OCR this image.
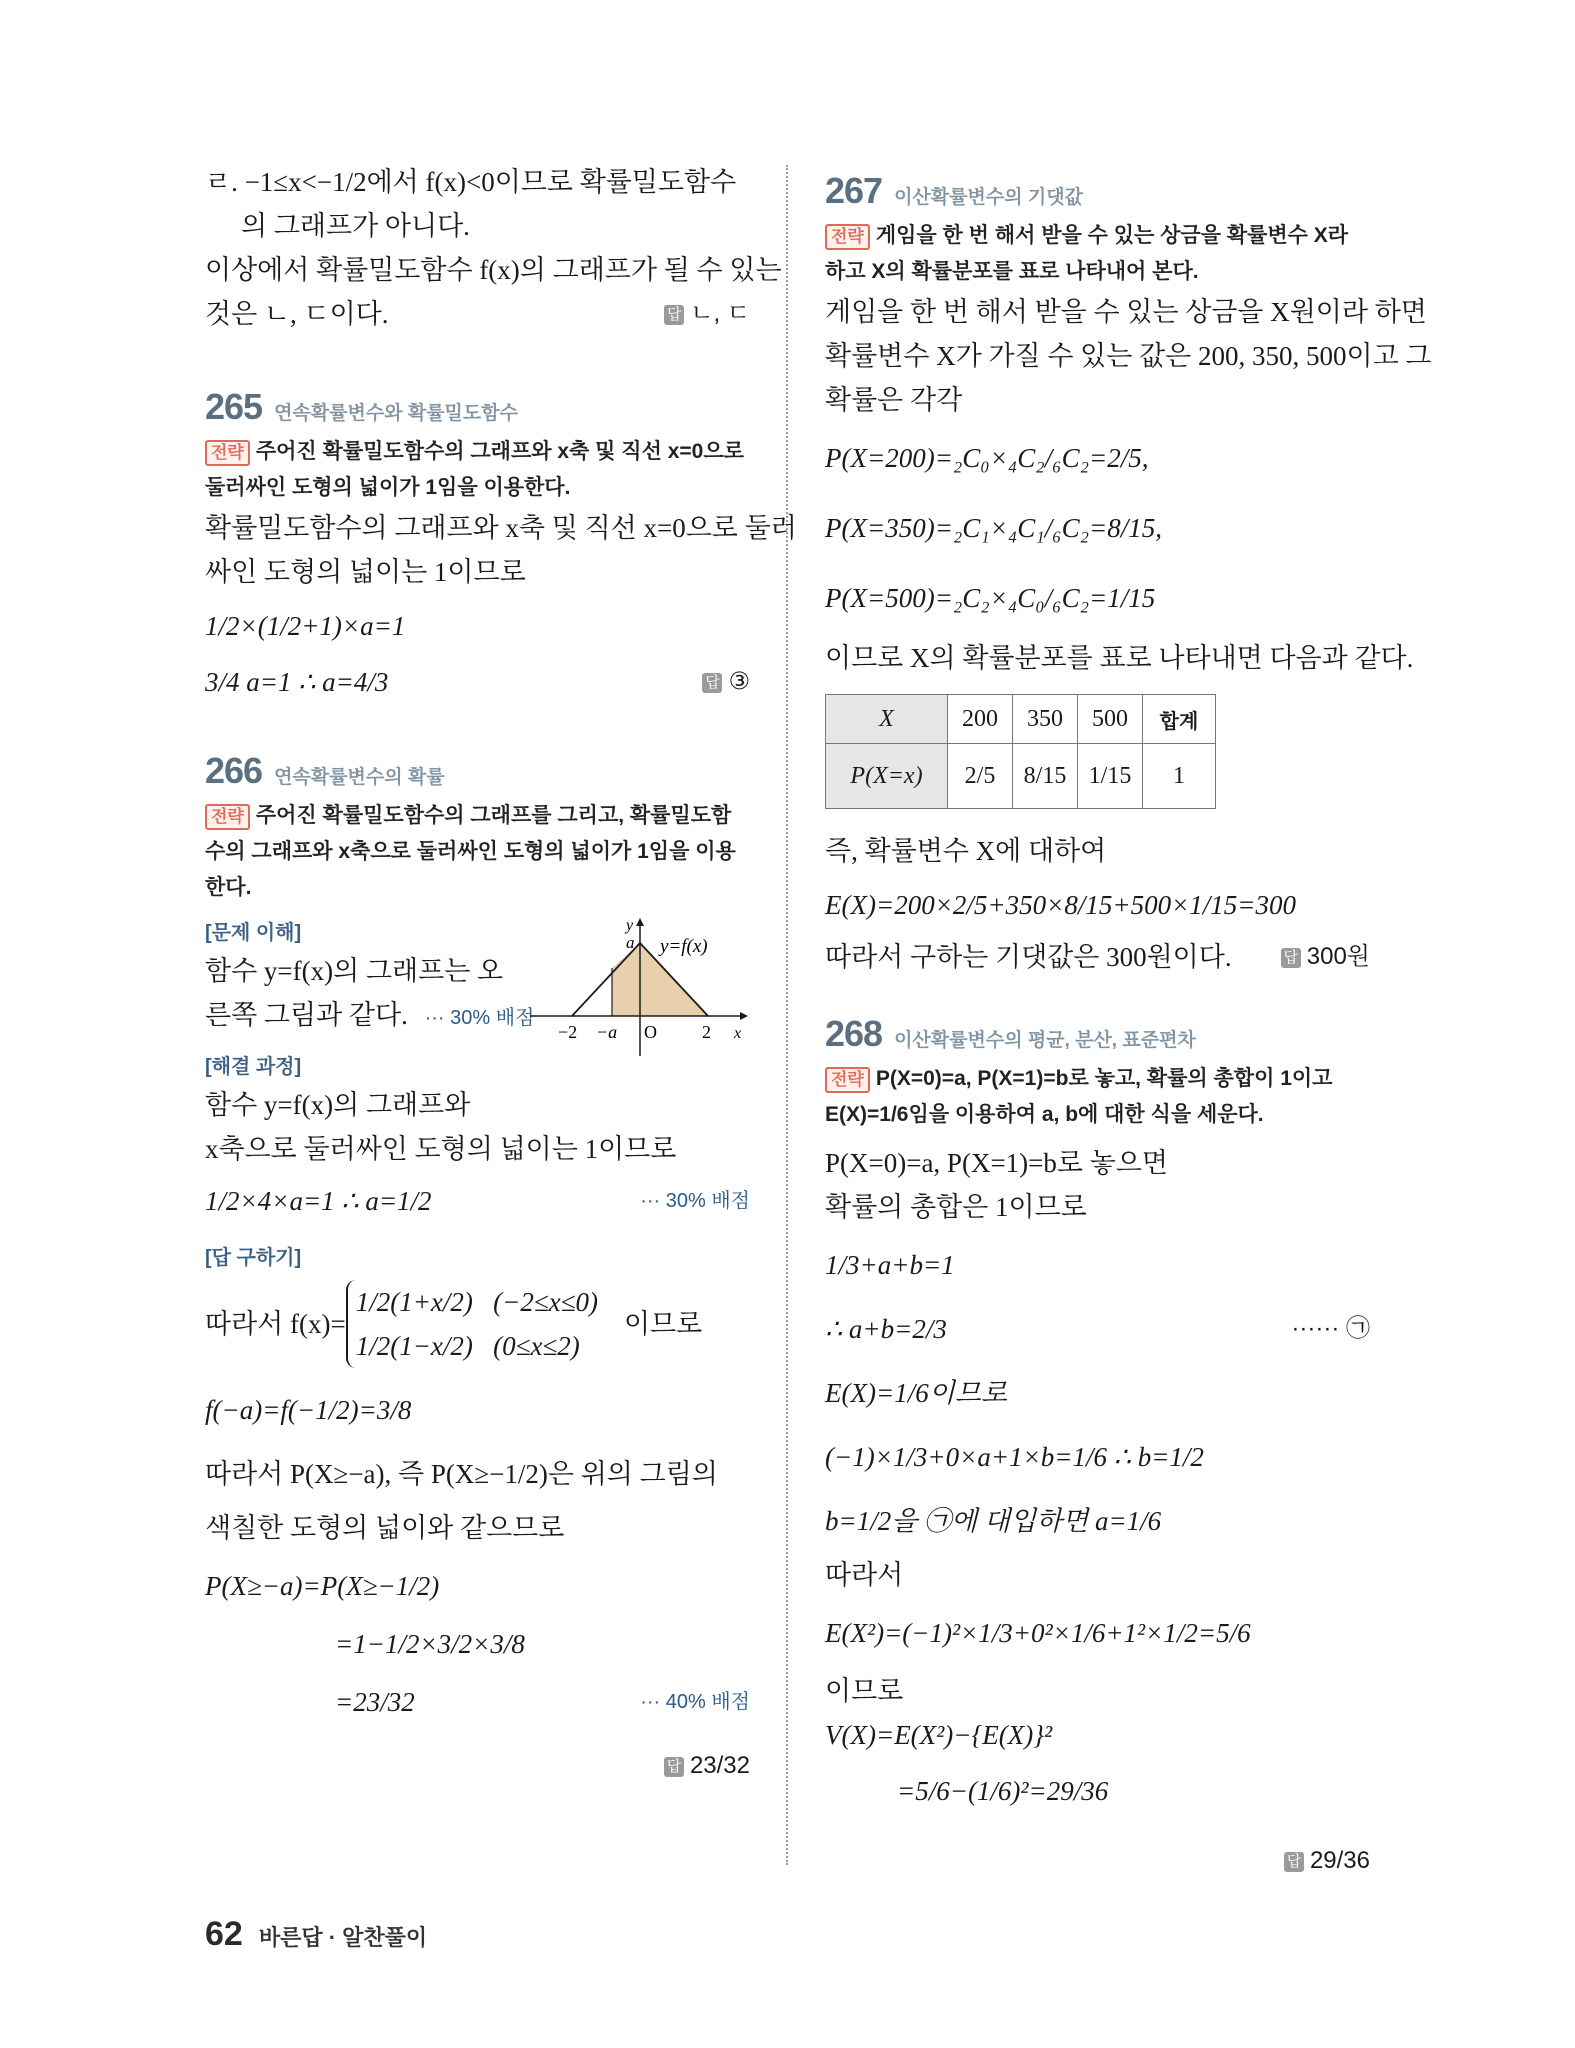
ㄹ. −1≤x<−1/2에서 f(x)<0이므로 확률밀도함수
의 그래프가 아니다.
이상에서 확률밀도함수 f(x)의 그래프가 될 수 있는
것은 ㄴ, ㄷ이다.	답 ㄴ, ㄷ
265 연속확률변수와 확률밀도함수
전략 주어진 확률밀도함수의 그래프와 x축 및 직선 x=0으로 둘러싸인 도형의 넓이가 1임을 이용한다.
확률밀도함수의 그래프와 x축 및 직선 x=0으로 둘러
싸인 도형의 넓이는 1이므로
1/2×(1/2+1)×a=1
3/4 a=1 ∴ a=4/3	답 ③
266 연속확률변수의 확률
전략 주어진 확률밀도함수의 그래프를 그리고, 확률밀도함수의 그래프와 x축으로 둘러싸인 도형의 넓이가 1임을 이용한다.
[문제 이해]
함수 y=f(x)의 그래프는 오
른쪽 그림과 같다. ··· 30% 배점
[해결 과정]
함수 y=f(x)의 그래프와
y
a y=f(x)
−2 −a O	2 x
x축으로 둘러싸인 도형의 넓이는 1이므로
1/2×4×a=1 ∴ a=1/2	··· 30% 배점
[답 구하기]
따라서 f(x)=
1/2(1+x/2)   (−2≤x≤0)
1/2(1−x/2)   (0≤x≤2)
이므로
f(−a)=f(−1/2)=3/8
따라서 P(X≥−a), 즉 P(X≥−1/2)은 위의 그림의
색칠한 도형의 넓이와 같으므로
P(X≥−a)=P(X≥−1/2)
=1−1/2×3/2×3/8
=23/32	··· 40% 배점
답 23/32
267 이산확률변수의 기댓값
전략 게임을 한 번 해서 받을 수 있는 상금을 확률변수 X라 하고 X의 확률분포를 표로 나타내어 본다.
게임을 한 번 해서 받을 수 있는 상금을 X원이라 하면
확률변수 X가 가질 수 있는 값은 200, 350, 500이고 그
확률은 각각
P(X=200)=₂C₀×₄C₂/₆C₂=2/5,
P(X=350)=₂C₁×₄C₁/₆C₂=8/15,
P(X=500)=₂C₂×₄C₀/₆C₂=1/15
이므로 X의 확률분포를 표로 나타내면 다음과 같다.
X	200	350	500	합계
P(X=x)	2/5	8/15	1/15	1
즉, 확률변수 X에 대하여
E(X)=200×2/5+350×8/15+500×1/15=300
따라서 구하는 기댓값은 300원이다.	답 300원
268 이산확률변수의 평균, 분산, 표준편차
전략 P(X=0)=a, P(X=1)=b로 놓고, 확률의 총합이 1이고 E(X)=1/6임을 이용하여 a, b에 대한 식을 세운다.
P(X=0)=a, P(X=1)=b로 놓으면
확률의 총합은 1이므로
1/3+a+b=1
∴ a+b=2/3	······ ㉠
E(X)=1/6이므로
(−1)×1/3+0×a+1×b=1/6 ∴ b=1/2
b=1/2을 ㉠에 대입하면 a=1/6
따라서
E(X²)=(−1)²×1/3+0²×1/6+1²×1/2=5/6
이므로
V(X)=E(X²)−{E(X)}²
=5/6−(1/6)²=29/36
답 29/36
62 바른답 · 알찬풀이
